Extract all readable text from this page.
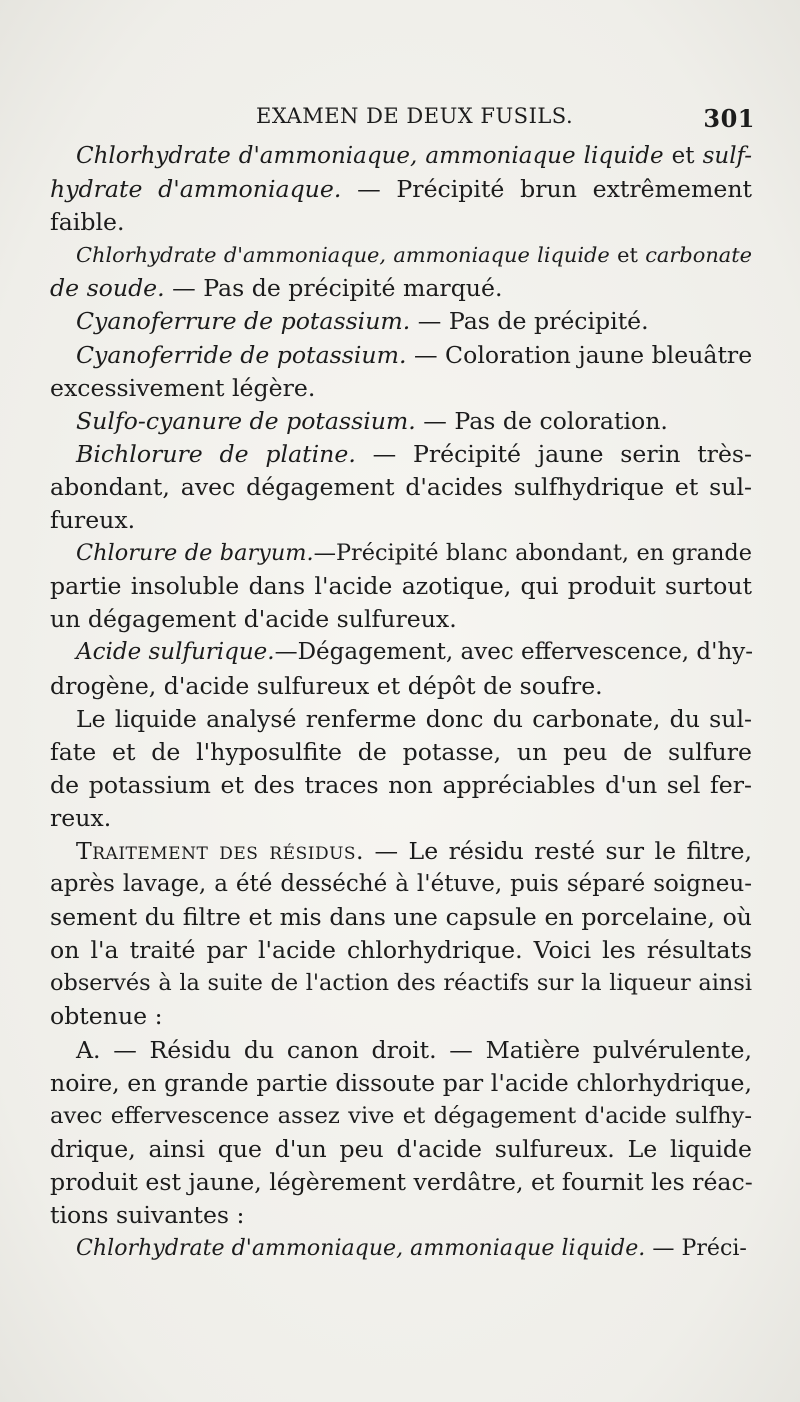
EXAMEN DE DEUX FUSILS.	301

Chlorhydrate d'ammoniaque, ammoniaque liquide et sulf-
hydrate d'ammoniaque. — Précipité brun extrêmement
faible.

Chlorhydrate d'ammoniaque, ammoniaque liquide et carbonate
de soude. — Pas de précipité marqué.

Cyanoferrure de potassium. — Pas de précipité.

Cyanoferride de potassium. — Coloration jaune bleuâtre
excessivement légère.

Sulfo-cyanure de potassium. — Pas de coloration.

Bichlorure de platine. — Précipité jaune serin très-
abondant, avec dégagement d'acides sulfhydrique et sul-
fureux.

Chlorure de baryum.—Précipité blanc abondant, en grande
partie insoluble dans l'acide azotique, qui produit surtout
un dégagement d'acide sulfureux.

Acide sulfurique.—Dégagement, avec effervescence, d'hy-
drogène, d'acide sulfureux et dépôt de soufre.

Le liquide analysé renferme donc du carbonate, du sul-
fate et de l'hyposulfite de potasse, un peu de sulfure
de potassium et des traces non appréciables d'un sel fer-
reux.

Traitement des résidus. — Le résidu resté sur le filtre,
après lavage, a été desséché à l'étuve, puis séparé soigneu-
sement du filtre et mis dans une capsule en porcelaine, où
on l'a traité par l'acide chlorhydrique. Voici les résultats
observés à la suite de l'action des réactifs sur la liqueur ainsi
obtenue :

A. — Résidu du canon droit. — Matière pulvérulente,
noire, en grande partie dissoute par l'acide chlorhydrique,
avec effervescence assez vive et dégagement d'acide sulfhy-
drique, ainsi que d'un peu d'acide sulfureux. Le liquide
produit est jaune, légèrement verdâtre, et fournit les réac-
tions suivantes :

Chlorhydrate d'ammoniaque, ammoniaque liquide. — Préci-
